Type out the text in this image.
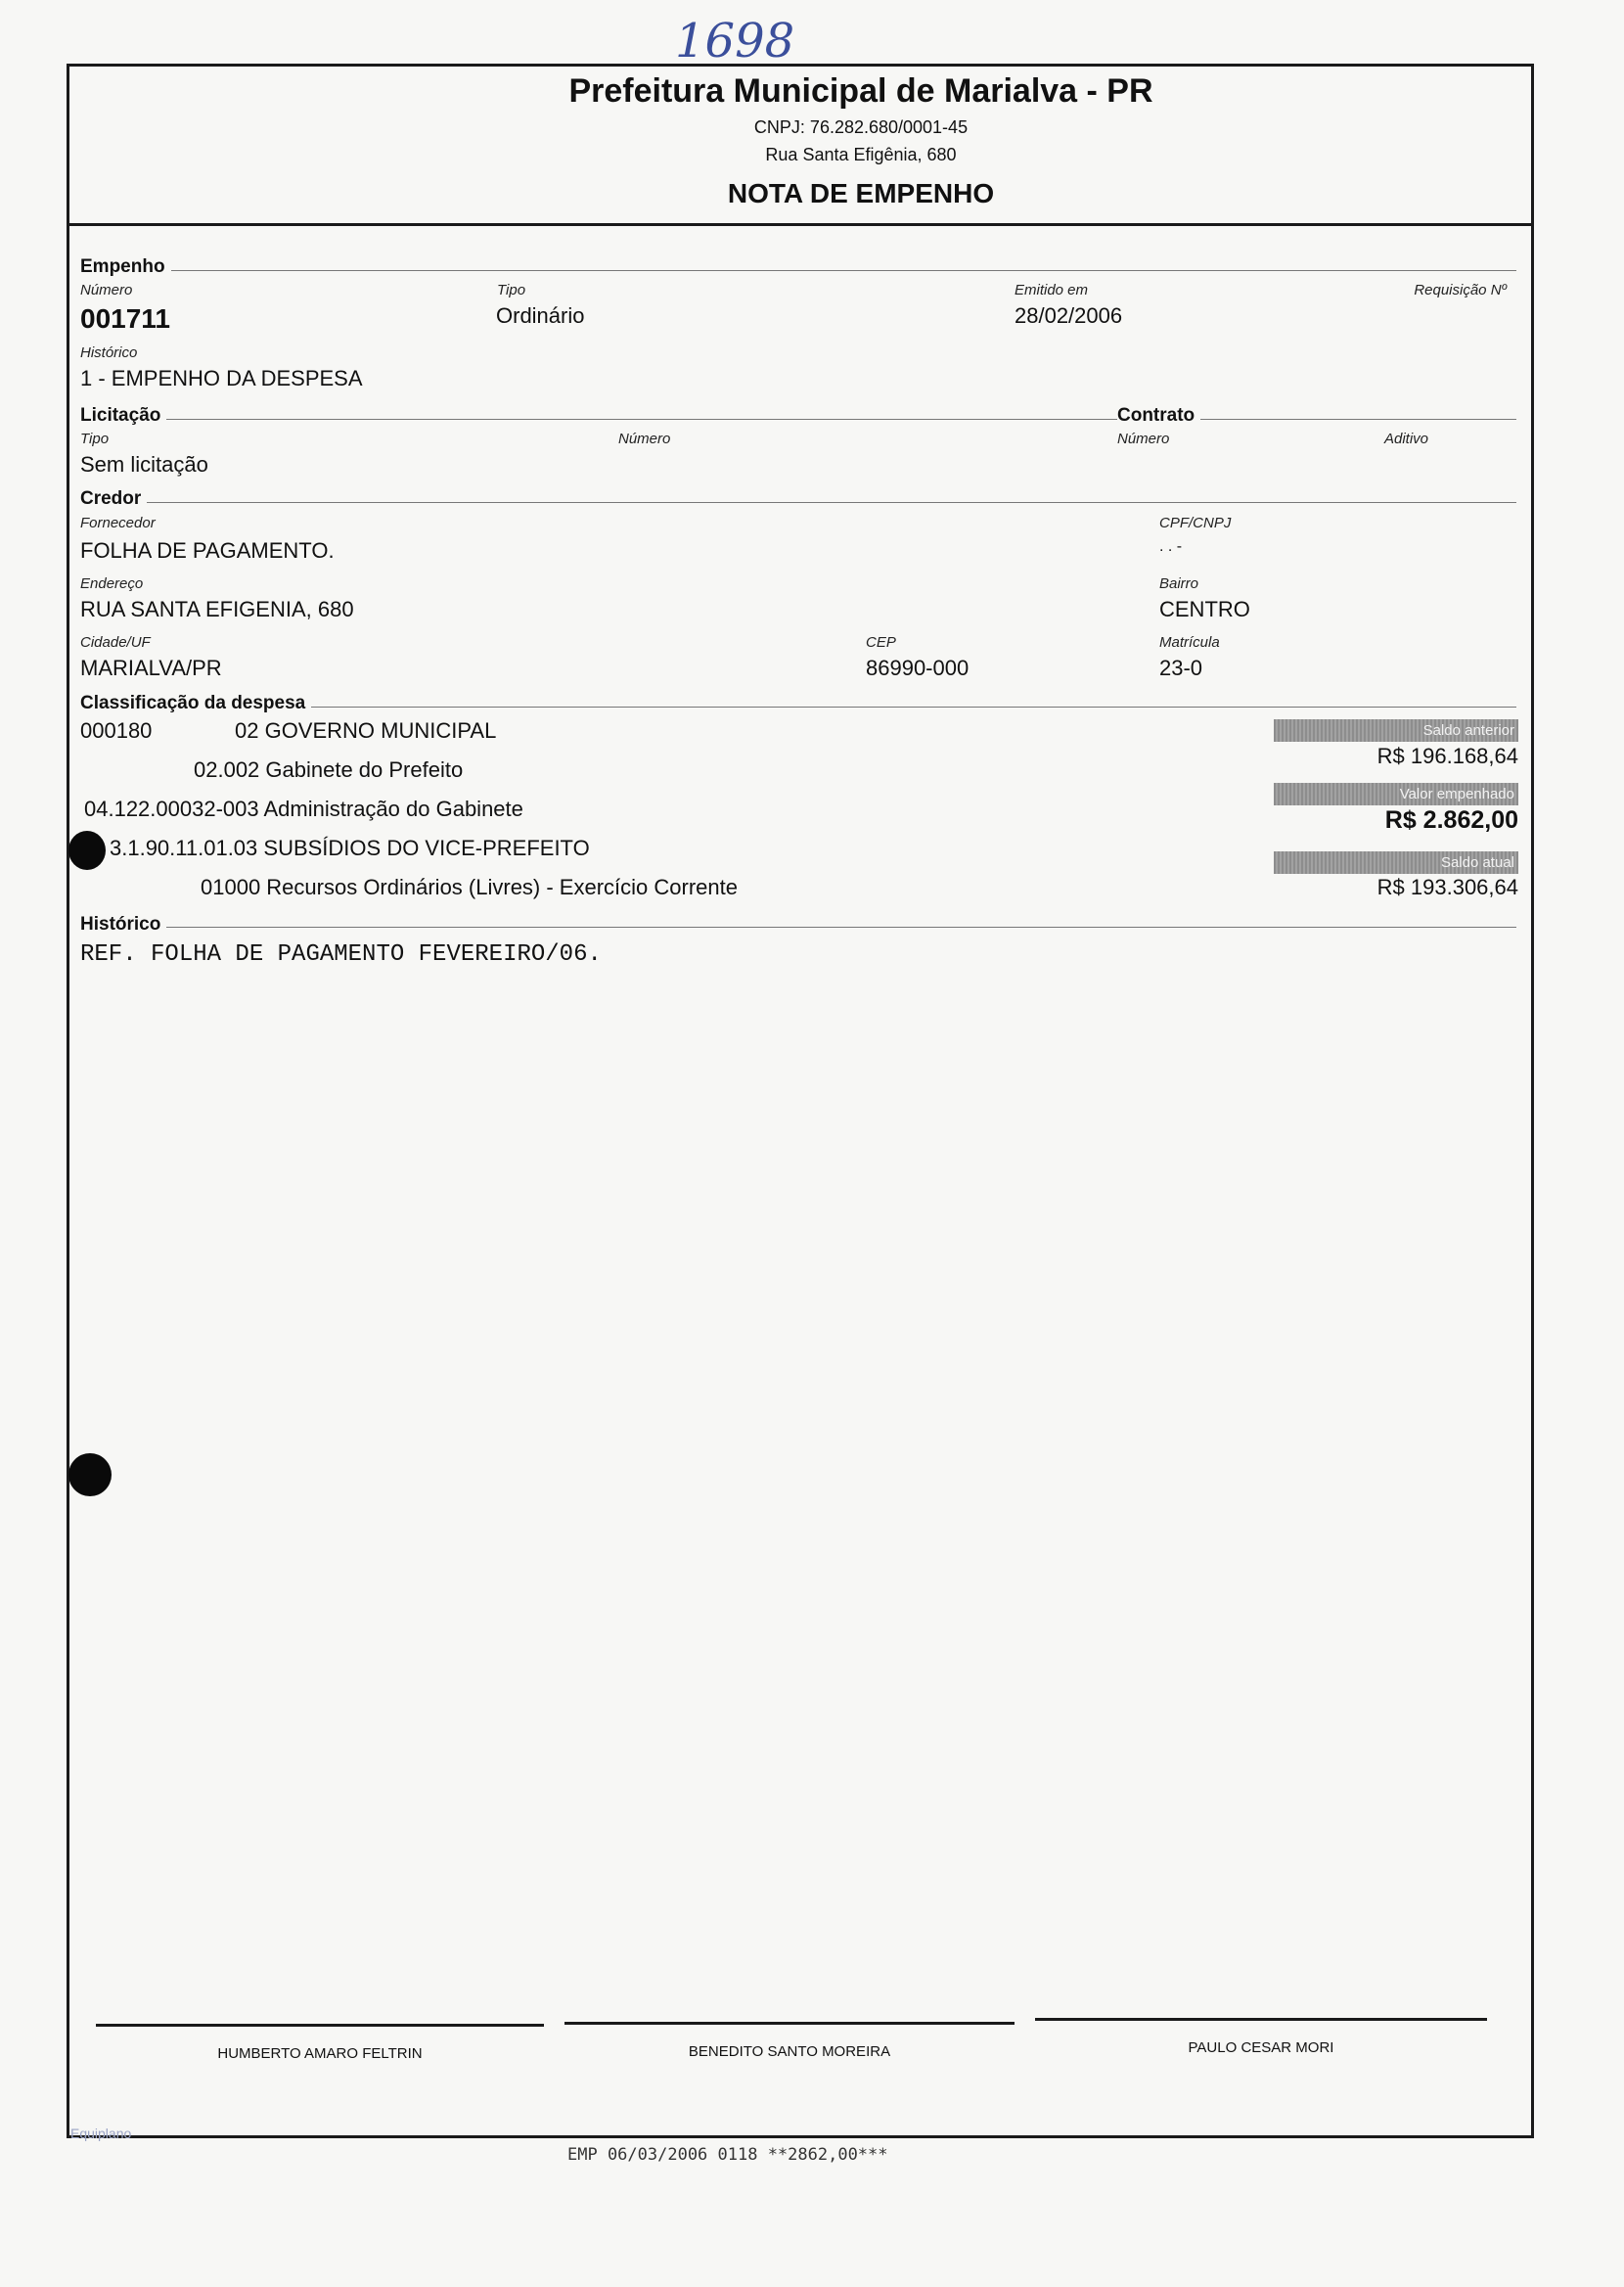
1698
Prefeitura Municipal de Marialva - PR
CNPJ: 76.282.680/0001-45
Rua Santa Efigênia, 680
NOTA DE EMPENHO
Empenho
Número
001711
Tipo
Ordinário
Emitido em
28/02/2006
Requisição Nº
Histórico
1 - EMPENHO DA DESPESA
Licitação	Contrato
Tipo
Sem licitação
Número	Número	Aditivo
Credor
Fornecedor
FOLHA DE PAGAMENTO.
CPF/CNPJ
. . -
Endereço
RUA SANTA EFIGENIA, 680
Bairro
CENTRO
Cidade/UF
MARIALVA/PR
CEP
86990-000
Matrícula
23-0
Classificação da despesa
000180	02 GOVERNO MUNICIPAL
02.002 Gabinete do Prefeito
04.122.00032-003 Administração do Gabinete
3.1.90.11.01.03 SUBSÍDIOS DO VICE-PREFEITO
01000 Recursos Ordinários (Livres) - Exercício Corrente
Saldo anterior
R$ 196.168,64
Valor empenhado
R$ 2.862,00
Saldo atual
R$ 193.306,64
Histórico
REF. FOLHA DE PAGAMENTO FEVEREIRO/06.
HUMBERTO AMARO FELTRIN	BENEDITO SANTO MOREIRA	PAULO CESAR MORI
Equiplano
EMP 06/03/2006 0118 **2862,00***
